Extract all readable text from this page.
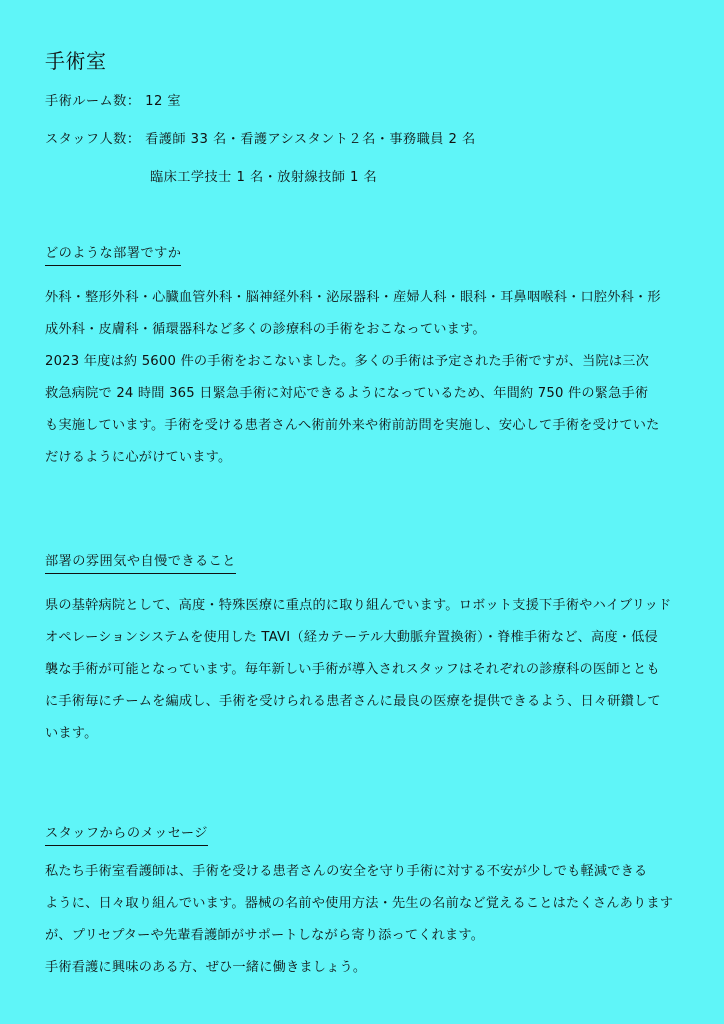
手術室
手術ルーム数： 12 室
スタッフ人数： 看護師 33 名・看護アシスタント２名・事務職員 2 名
臨床工学技士 1 名・放射線技師 1 名
どのような部署ですか
外科・整形外科・心臓血管外科・脳神経外科・泌尿器科・産婦人科・眼科・耳鼻咽喉科・口腔外科・形
成外科・皮膚科・循環器科など多くの診療科の手術をおこなっています。
2023 年度は約 5600 件の手術をおこないました。多くの手術は予定された手術ですが、当院は三次
救急病院で 24 時間 365 日緊急手術に対応できるようになっているため、年間約 750 件の緊急手術
も実施しています。手術を受ける患者さんへ術前外来や術前訪問を実施し、安心して手術を受けていた
だけるように心がけています。
部署の雰囲気や自慢できること
県の基幹病院として、高度・特殊医療に重点的に取り組んでいます。ロボット支援下手術やハイブリッド
オペレーションシステムを使用した TAVI（経カテーテル大動脈弁置換術）・脊椎手術など、高度・低侵
襲な手術が可能となっています。毎年新しい手術が導入されスタッフはそれぞれの診療科の医師ととも
に手術毎にチームを編成し、手術を受けられる患者さんに最良の医療を提供できるよう、日々研鑽して
います。
スタッフからのメッセージ
私たち手術室看護師は、手術を受ける患者さんの安全を守り手術に対する不安が少しでも軽減できる
ように、日々取り組んでいます。器械の名前や使用方法・先生の名前など覚えることはたくさんあります
が、プリセプターや先輩看護師がサポートしながら寄り添ってくれます。
手術看護に興味のある方、ぜひ一緒に働きましょう。
